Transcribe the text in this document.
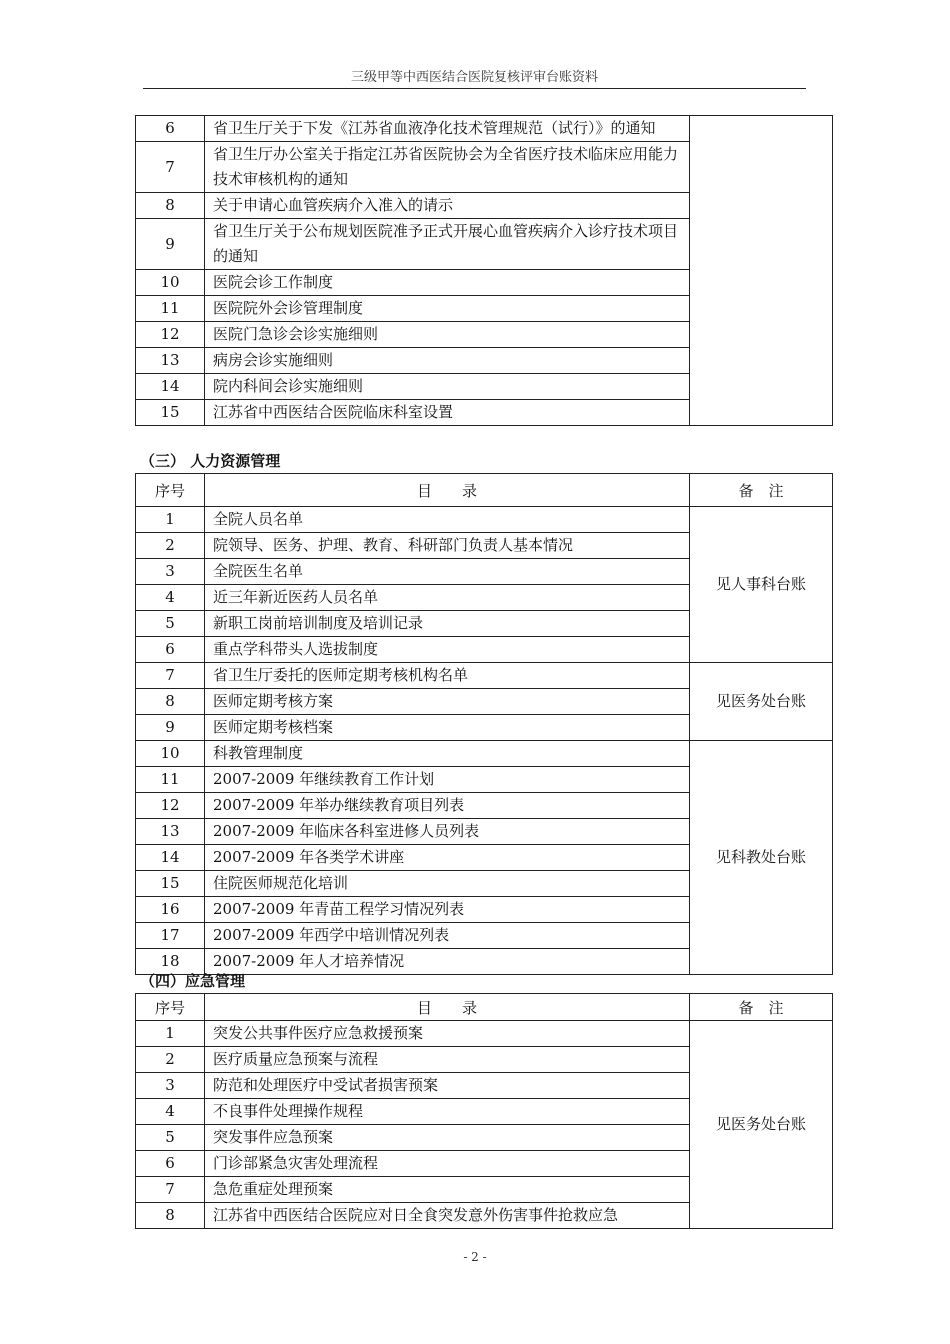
三级甲等中西医结合医院复核评审台账资料
6	省卫生厅关于下发《江苏省血液净化技术管理规范（试行）》的通知	
7	省卫生厅办公室关于指定江苏省医院协会为全省医疗技术临床应用能力技术审核机构的通知	
8	关于申请心血管疾病介入准入的请示	
9	省卫生厅关于公布规划医院准予正式开展心血管疾病介入诊疗技术项目的通知	
10	医院会诊工作制度	
11	医院院外会诊管理制度	
12	医院门急诊会诊实施细则	
13	病房会诊实施细则	
14	院内科间会诊实施细则	
15	江苏省中西医结合医院临床科室设置	
（三） 人力资源管理
序号	目　　录	备　注
1	全院人员名单	见人事科台账
2	院领导、医务、护理、教育、科研部门负责人基本情况	
3	全院医生名单	
4	近三年新近医药人员名单	
5	新职工岗前培训制度及培训记录	
6	重点学科带头人选拔制度	
7	省卫生厅委托的医师定期考核机构名单	见医务处台账
8	医师定期考核方案	
9	医师定期考核档案	
10	科教管理制度	见科教处台账
11	2007-2009 年继续教育工作计划	
12	2007-2009 年举办继续教育项目列表	
13	2007-2009 年临床各科室进修人员列表	
14	2007-2009 年各类学术讲座	
15	住院医师规范化培训	
16	2007-2009 年青苗工程学习情况列表	
17	2007-2009 年西学中培训情况列表	
18	2007-2009 年人才培养情况	
（四）应急管理
序号	目　　录	备　注
1	突发公共事件医疗应急救援预案	见医务处台账
2	医疗质量应急预案与流程	
3	防范和处理医疗中受试者损害预案	
4	不良事件处理操作规程	
5	突发事件应急预案	
6	门诊部紧急灾害处理流程	
7	急危重症处理预案	
8	江苏省中西医结合医院应对日全食突发意外伤害事件抢救应急	
- 2 -
